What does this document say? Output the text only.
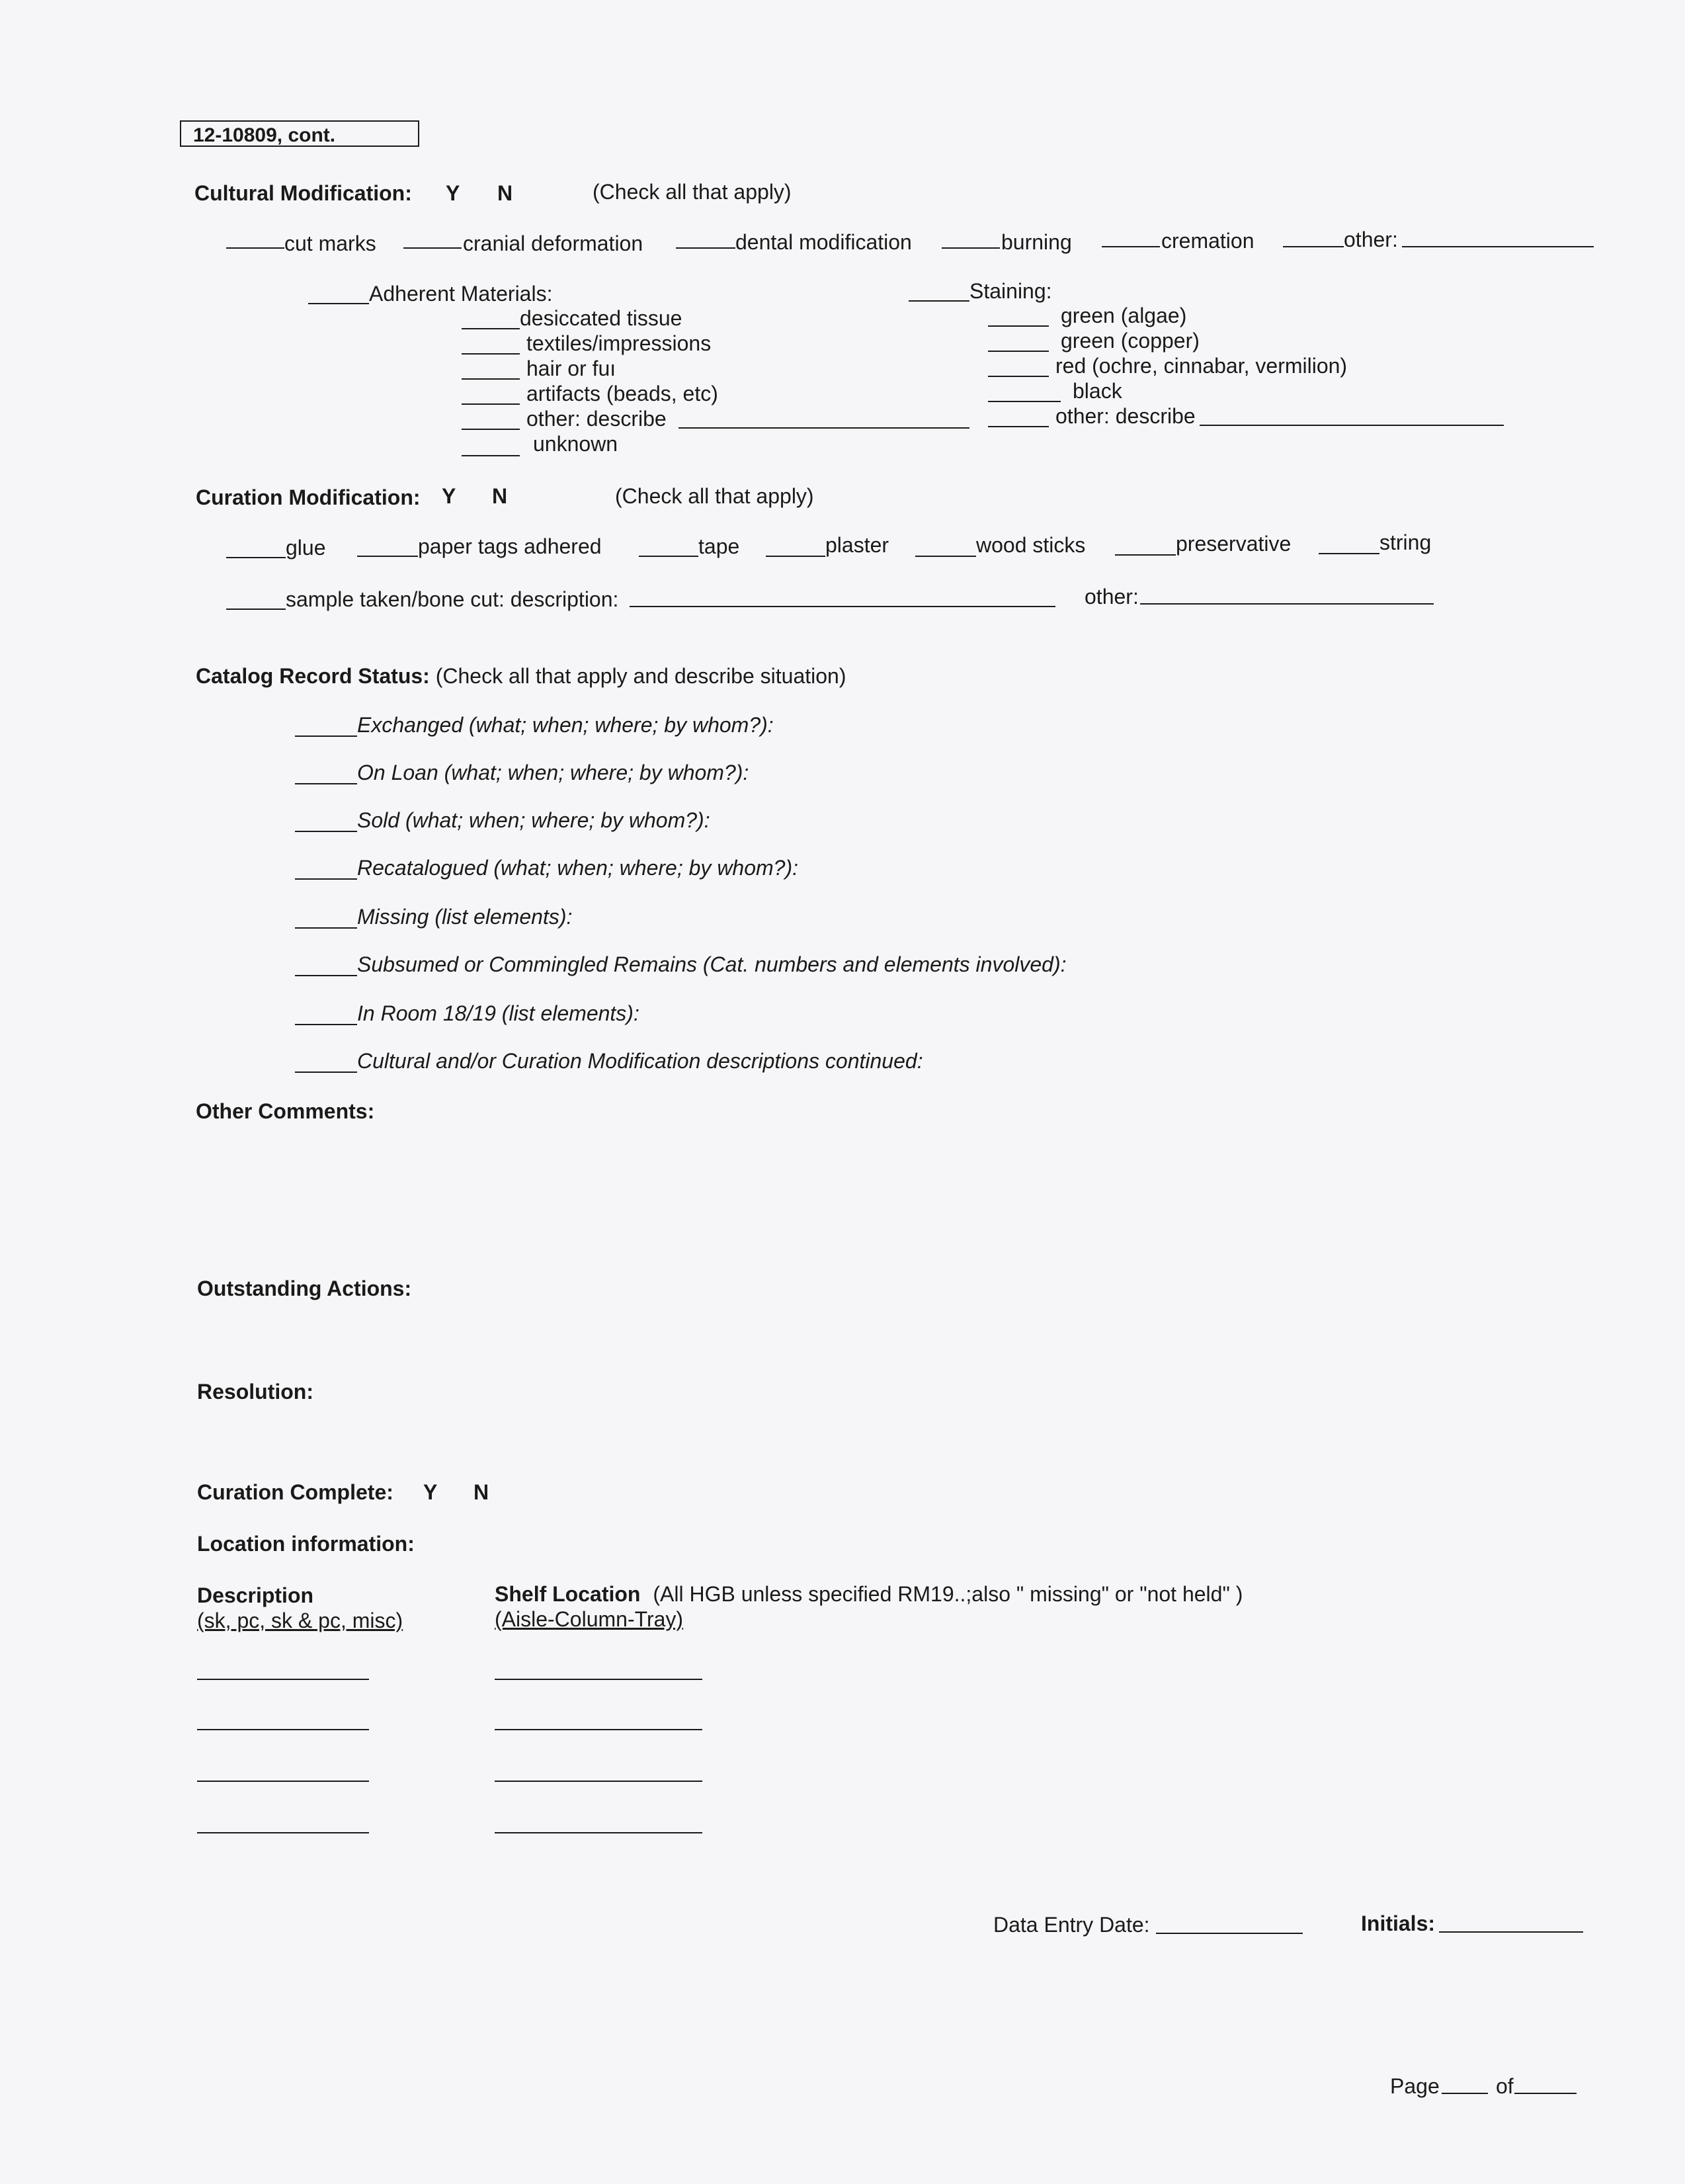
12-10809, cont.
Cultural Modification: Y N	(Check all that apply)
cut marks	cranial deformation	dental modification	burning	cremation	other:
Adherent Materials:
desiccated tissue
textiles/impressions
hair or fuı
artifacts (beads, etc)
other: describe
unknown
Staining:
green (algae)
green (copper)
red (ochre, cinnabar, vermilion)
black
other: describe
Curation Modification: Y N	(Check all that apply)
glue	paper tags adhered	tape	plaster	wood sticks	preservative	string
sample taken/bone cut: description:	other:
Catalog Record Status: (Check all that apply and describe situation)
Exchanged (what; when; where; by whom?):
On Loan (what; when; where; by whom?):
Sold (what; when; where; by whom?):
Recatalogued (what; when; where; by whom?):
Missing (list elements):
Subsumed or Commingled Remains (Cat. numbers and elements involved):
In Room 18/19 (list elements):
Cultural and/or Curation Modification descriptions continued:
Other Comments:
Outstanding Actions:
Resolution:
Curation Complete: Y N
Location information:
Description
(sk, pc, sk & pc, misc)
Shelf Location (All HGB unless specified RM19..;also " missing" or "not held" )
(Aisle-Column-Tray)
Data Entry Date:	Initials:
Page	of
